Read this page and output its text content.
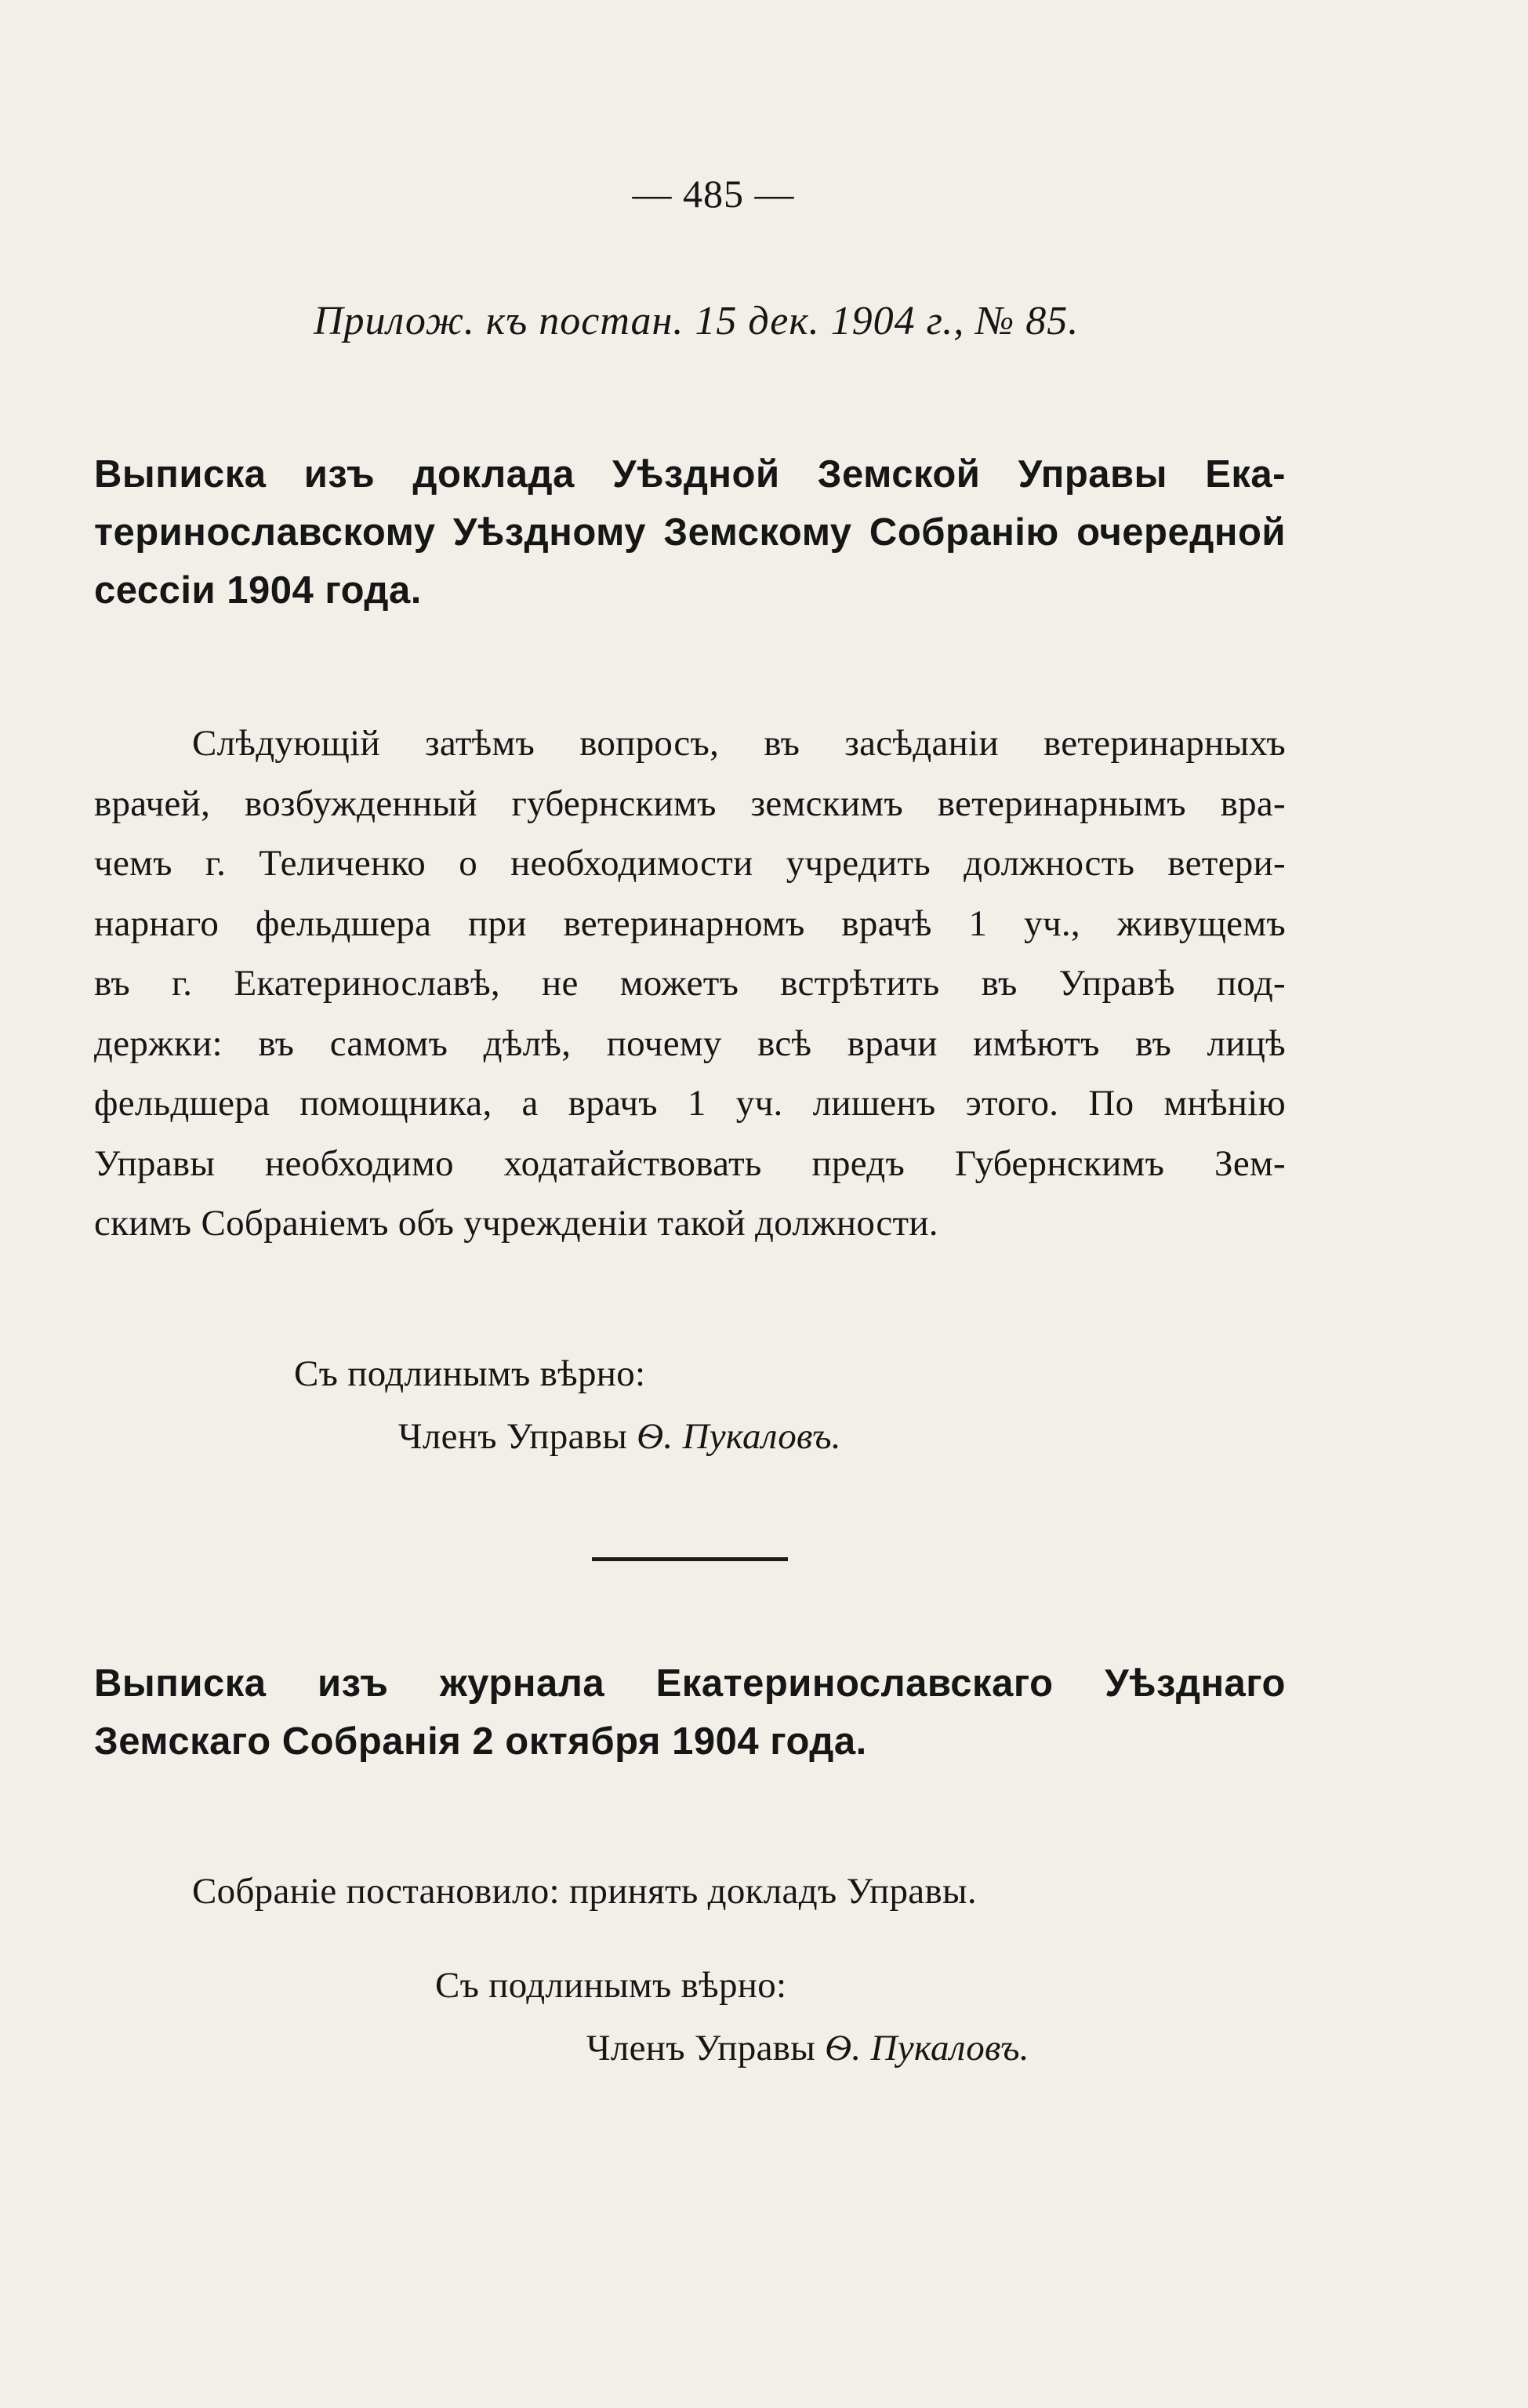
— 485 —
Прилож. къ постан. 15 дек. 1904 г., № 85.
Выписка изъ доклада Уѣздной Земской Управы Ека-
теринославскому Уѣздному Земскому Собранію очередной
сессіи 1904 года.
Слѣдующій затѣмъ вопросъ, въ засѣданіи ветеринарныхъ
врачей, возбужденный губернскимъ земскимъ ветеринарнымъ вра-
чемъ г. Теличенко о необходимости учредить должность ветери-
нарнаго фельдшера при ветеринарномъ врачѣ 1 уч., живущемъ
въ г. Екатеринославѣ, не можетъ встрѣтить въ Управѣ под-
держки: въ самомъ дѣлѣ, почему всѣ врачи имѣютъ въ лицѣ
фельдшера помощника, а врачъ 1 уч. лишенъ этого. По мнѣнію
Управы необходимо ходатайствовать предъ Губернскимъ Зем-
скимъ Собраніемъ объ учрежденіи такой должности.
Съ подлинымъ вѣрно:
Членъ Управы Ѳ. Пукаловъ.
Выписка изъ журнала Екатеринославскаго Уѣзднаго
Земскаго Собранія 2 октября 1904 года.
Собраніе постановило: принять докладъ Управы.
Съ подлинымъ вѣрно:
Членъ Управы Ѳ. Пукаловъ.
